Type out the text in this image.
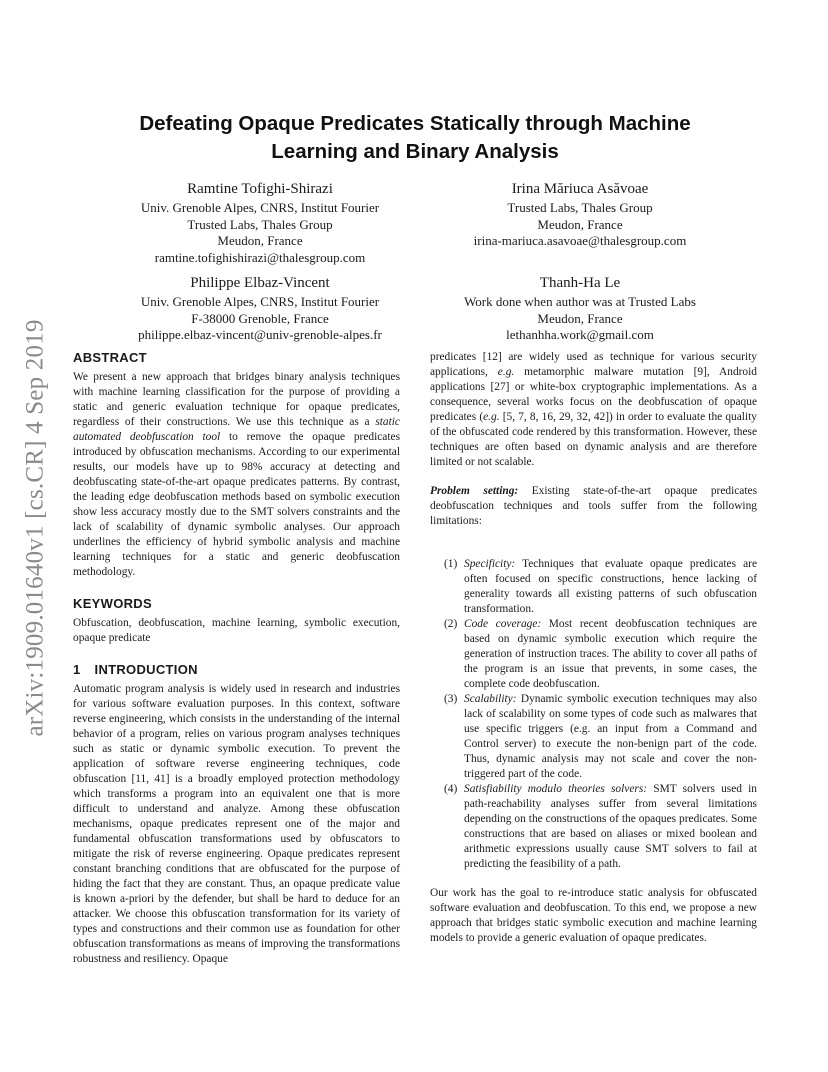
arXiv:1909.01640v1 [cs.CR] 4 Sep 2019
Defeating Opaque Predicates Statically through Machine Learning and Binary Analysis
Ramtine Tofighi-Shirazi
Univ. Grenoble Alpes, CNRS, Institut Fourier
Trusted Labs, Thales Group
Meudon, France
ramtine.tofighishirazi@thalesgroup.com
Irina Măriuca Asăvoae
Trusted Labs, Thales Group
Meudon, France
irina-mariuca.asavoae@thalesgroup.com
Philippe Elbaz-Vincent
Univ. Grenoble Alpes, CNRS, Institut Fourier
F-38000 Grenoble, France
philippe.elbaz-vincent@univ-grenoble-alpes.fr
Thanh-Ha Le
Work done when author was at Trusted Labs
Meudon, France
lethanhha.work@gmail.com
ABSTRACT

We present a new approach that bridges binary analysis techniques with machine learning classification for the purpose of providing a static and generic evaluation technique for opaque predicates, regardless of their constructions. We use this technique as a static automated deobfuscation tool to remove the opaque predicates introduced by obfuscation mechanisms. According to our experimental results, our models have up to 98% accuracy at detecting and deobfuscating state-of-the-art opaque predicates patterns. By contrast, the leading edge deobfuscation methods based on symbolic execution show less accuracy mostly due to the SMT solvers constraints and the lack of scalability of dynamic symbolic analyses. Our approach underlines the efficiency of hybrid symbolic analysis and machine learning techniques for a static and generic deobfuscation methodology.

KEYWORDS

Obfuscation, deobfuscation, machine learning, symbolic execution, opaque predicate

1 INTRODUCTION

Automatic program analysis is widely used in research and industries for various software evaluation purposes. In this context, software reverse engineering, which consists in the understanding of the internal behavior of a program, relies on various program analyses techniques such as static or dynamic symbolic execution. To prevent the application of software reverse engineering techniques, code obfuscation [11, 41] is a broadly employed protection methodology which transforms a program into an equivalent one that is more difficult to understand and analyze. Among these obfuscation mechanisms, opaque predicates represent one of the major and fundamental obfuscation transformations used by obfuscators to mitigate the risk of reverse engineering. Opaque predicates represent constant branching conditions that are obfuscated for the purpose of hiding the fact that they are constant. Thus, an opaque predicate value is known a-priori by the defender, but shall be hard to deduce for an attacker. We choose this obfuscation transformation for its variety of types and constructions and their common use as foundation for other obfuscation transformations as means of improving the transformations robustness and resiliency. Opaque

predicates [12] are widely used as technique for various security applications, e.g. metamorphic malware mutation [9], Android applications [27] or white-box cryptographic implementations. As a consequence, several works focus on the deobfuscation of opaque predicates (e.g. [5, 7, 8, 16, 29, 32, 42]) in order to evaluate the quality of the obfuscated code rendered by this transformation. However, these techniques are often based on dynamic analysis and are therefore limited or not scalable.

Problem setting: Existing state-of-the-art opaque predicates deobfuscation techniques and tools suffer from the following limitations:

(1) Specificity: Techniques that evaluate opaque predicates are often focused on specific constructions, hence lacking of generality towards all existing patterns of such obfuscation transformation.
(2) Code coverage: Most recent deobfuscation techniques are based on dynamic symbolic execution which require the generation of instruction traces. The ability to cover all paths of the program is an issue that prevents, in some cases, the complete code deobfuscation.
(3) Scalability: Dynamic symbolic execution techniques may also lack of scalability on some types of code such as malwares that use specific triggers (e.g. an input from a Command and Control server) to execute the non-benign part of the code. Thus, dynamic analysis may not scale and cover the non-triggered part of the code.
(4) Satisfiability modulo theories solvers: SMT solvers used in path-reachability analyses suffer from several limitations depending on the constructions of the opaques predicates. Some constructions that are based on aliases or mixed boolean and arithmetic expressions usually cause SMT solvers to fail at predicting the feasibility of a path.

Our work has the goal to re-introduce static analysis for obfuscated software evaluation and deobfuscation. To this end, we propose a new approach that bridges static symbolic execution and machine learning models to provide a generic evaluation of opaque predicates.
